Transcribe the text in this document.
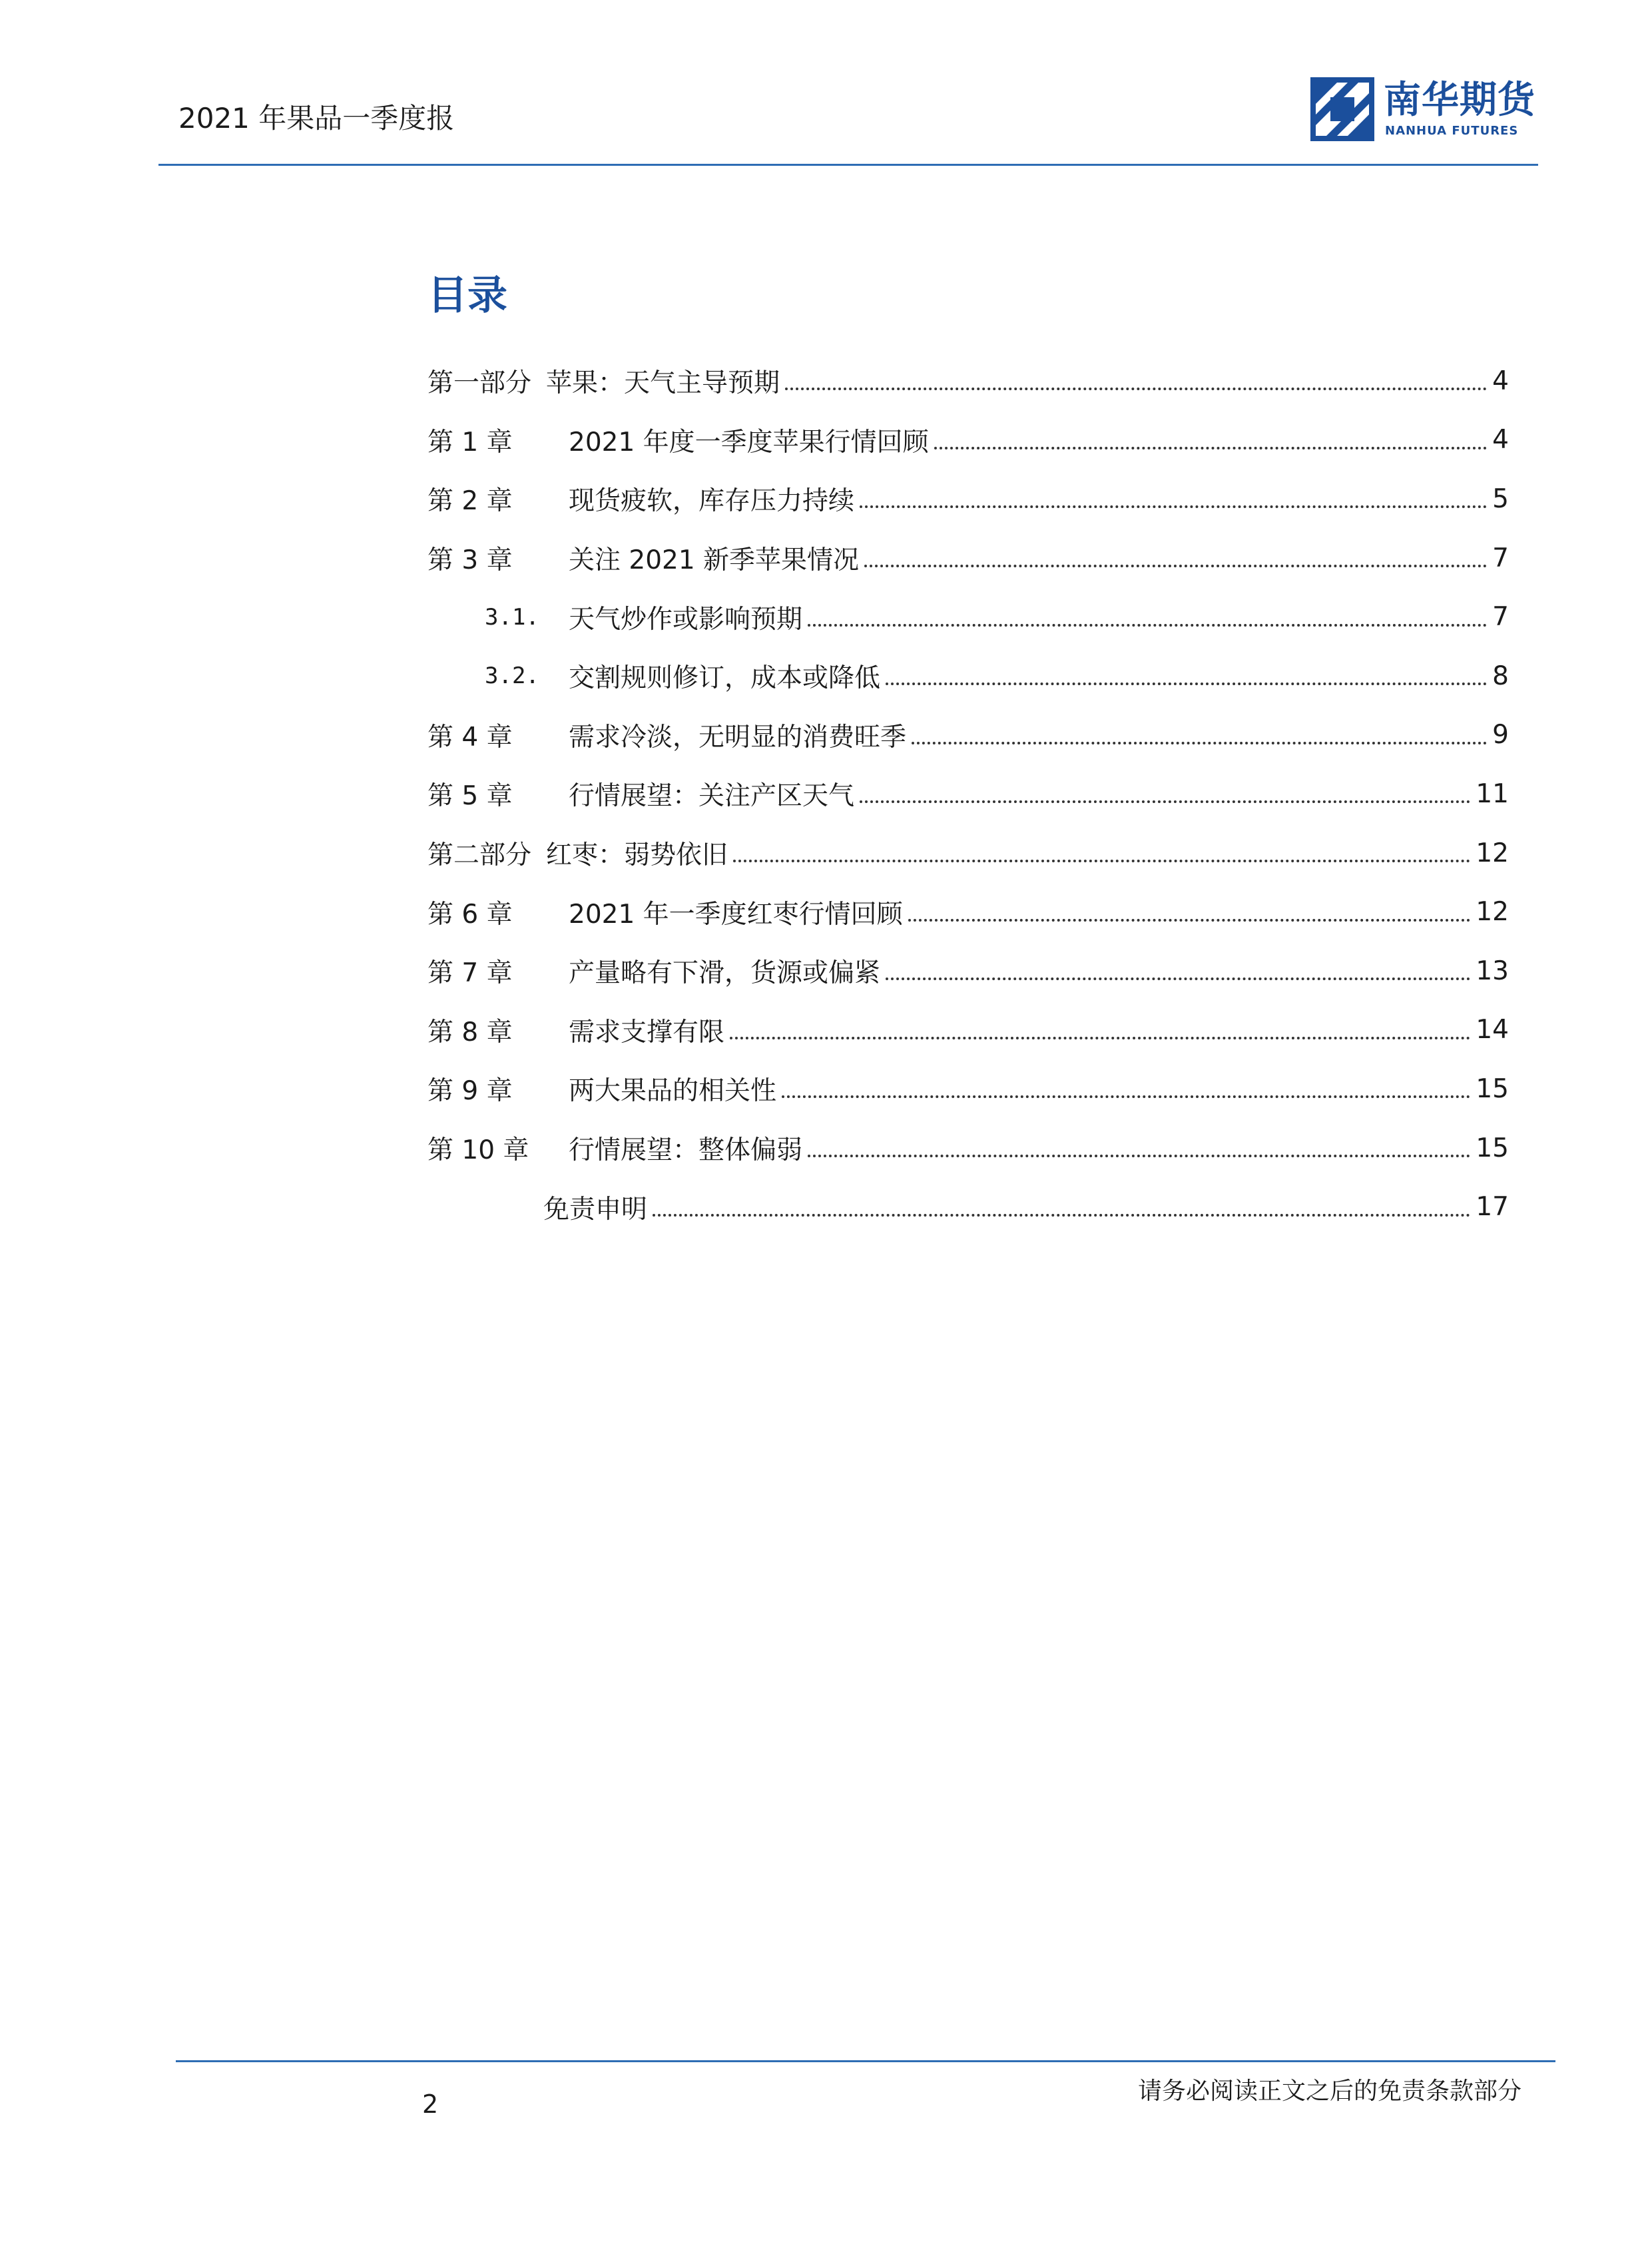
2021 年果品一季度报	南华期货
NANHUA FUTURES
目录
第一部分 苹果：天气主导预期	4
第 1 章	2021 年度一季度苹果行情回顾	4
第 2 章	现货疲软，库存压力持续	5
第 3 章	关注 2021 新季苹果情况	7
3.1.	天气炒作或影响预期	7
3.2.	交割规则修订，成本或降低	8
第 4 章	需求冷淡，无明显的消费旺季	9
第 5 章	行情展望：关注产区天气	11
第二部分 红枣：弱势依旧	12
第 6 章	2021 年一季度红枣行情回顾	12
第 7 章	产量略有下滑，货源或偏紧	13
第 8 章	需求支撑有限	14
第 9 章	两大果品的相关性	15
第 10 章	行情展望：整体偏弱	15
免责申明	17
2	请务必阅读正文之后的免责条款部分
